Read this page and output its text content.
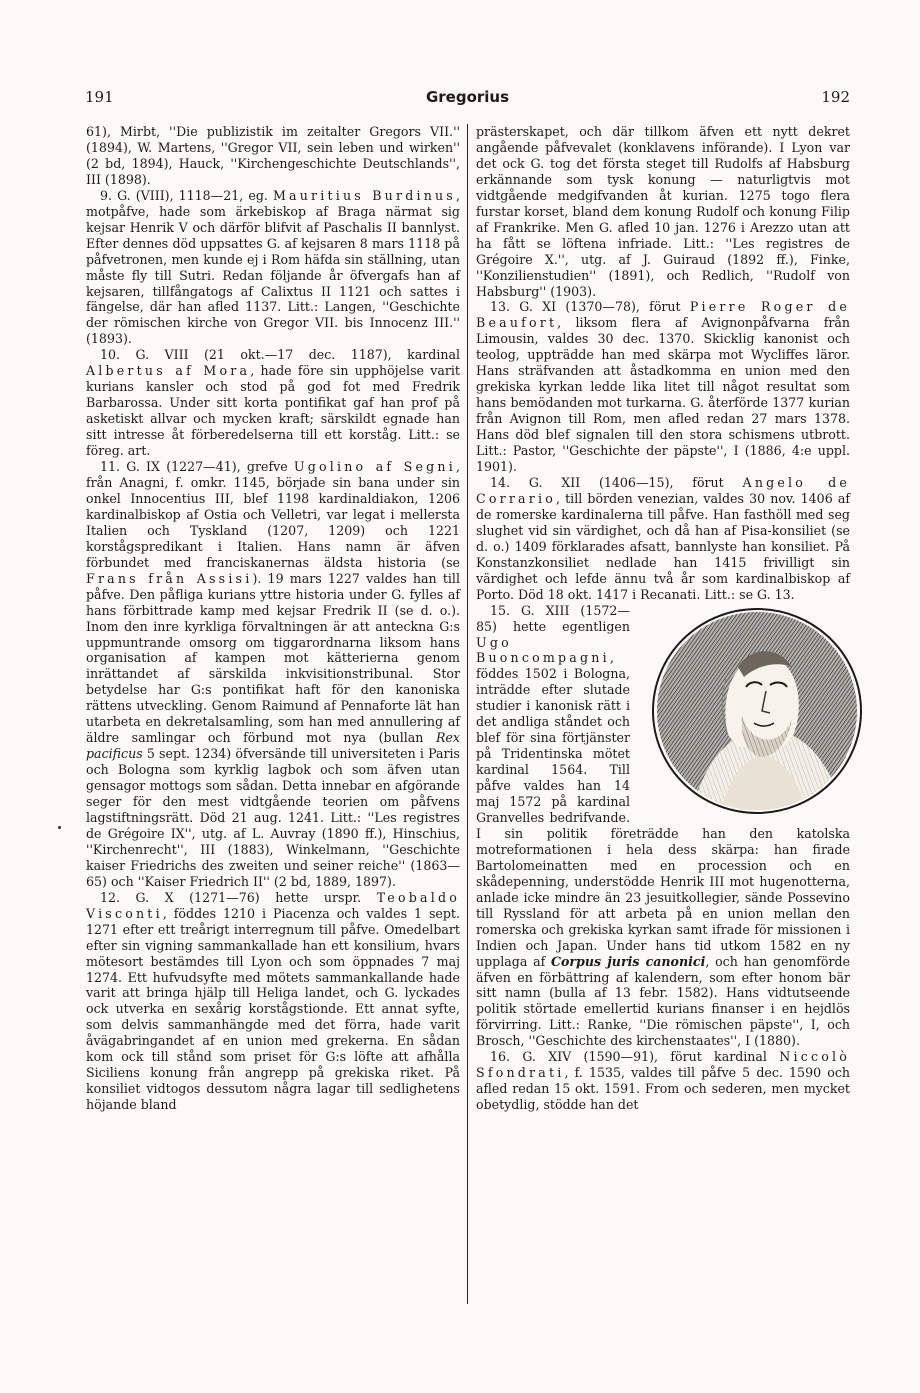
191	Gregorius	192

61), Mirbt, ''Die publizistik im zeitalter Gregors VII.'' (1894), W. Martens, ''Gregor VII, sein leben und wirken'' (2 bd, 1894), Hauck, ''Kirchengeschichte Deutschlands'', III (1898).

9. G. (VIII), 1118—21, eg. Mauritius Burdinus, motpåfve, hade som ärkebiskop af Braga närmat sig kejsar Henrik V och därför blifvit af Paschalis II bannlyst. Efter dennes död uppsattes G. af kejsaren 8 mars 1118 på påfvetronen, men kunde ej i Rom häfda sin ställning, utan måste fly till Sutri. Redan följande år öfvergafs han af kejsaren, tillfångatogs af Calixtus II 1121 och sattes i fängelse, där han afled 1137. Litt.: Langen, ''Geschichte der römischen kirche von Gregor VII. bis Innocenz III.'' (1893).

10. G. VIII (21 okt.—17 dec. 1187), kardinal Albertus af Mora, hade före sin upphöjelse varit kurians kansler och stod på god fot med Fredrik Barbarossa. Under sitt korta pontifikat gaf han prof på asketiskt allvar och mycken kraft; särskildt egnade han sitt intresse åt förberedelserna till ett korståg. Litt.: se föreg. art.

11. G. IX (1227—41), grefve Ugolino af Segni, från Anagni, f. omkr. 1145, började sin bana under sin onkel Innocentius III, blef 1198 kardinaldiakon, 1206 kardinalbiskop af Ostia och Velletri, var legat i mellersta Italien och Tyskland (1207, 1209) och 1221 korstågspredikant i Italien. Hans namn är äfven förbundet med franciskanernas äldsta historia (se Frans från Assisi). 19 mars 1227 valdes han till påfve. Den påfliga kurians yttre historia under G. fylles af hans förbittrade kamp med kejsar Fredrik II (se d. o.). Inom den inre kyrkliga förvaltningen är att anteckna G:s uppmuntrande omsorg om tiggarordnarna liksom hans organisation af kampen mot kätterierna genom inrättandet af särskilda inkvisitionstribunal. Stor betydelse har G:s pontifikat haft för den kanoniska rättens utveckling. Genom Raimund af Pennaforte lät han utarbeta en dekretalsamling, som han med annullering af äldre samlingar och förbund mot nya (bullan Rex pacificus 5 sept. 1234) öfversände till universiteten i Paris och Bologna som kyrklig lagbok och som äfven utan gensagor mottogs som sådan. Detta innebar en afgörande seger för den mest vidtgående teorien om påfvens lagstiftningsrätt. Död 21 aug. 1241. Litt.: ''Les registres de Grégoire IX'', utg. af L. Auvray (1890 ff.), Hinschius, ''Kirchenrecht'', III (1883), Winkelmann, ''Geschichte kaiser Friedrichs des zweiten und seiner reiche'' (1863—65) och ''Kaiser Friedrich II'' (2 bd, 1889, 1897).

12. G. X (1271—76) hette urspr. Teobaldo Visconti, föddes 1210 i Piacenza och valdes 1 sept. 1271 efter ett treårigt interregnum till påfve. Omedelbart efter sin vigning sammankallade han ett konsilium, hvars mötesort bestämdes till Lyon och som öppnades 7 maj 1274. Ett hufvudsyfte med mötets sammankallande hade varit att bringa hjälp till Heliga landet, och G. lyckades ock utverka en sexårig korstågstionde. Ett annat syfte, som delvis sammanhängde med det förra, hade varit åvägabringandet af en union med grekerna. En sådan kom ock till stånd som priset för G:s löfte att afhålla Siciliens konung från angrepp på grekiska riket. På konsiliet vidtogos dessutom några lagar till sedlighetens höjande bland

prästerskapet, och där tillkom äfven ett nytt dekret angående påfvevalet (konklavens införande). I Lyon var det ock G. tog det första steget till Rudolfs af Habsburg erkännande som tysk konung — naturligtvis mot vidtgående medgifvanden åt kurian. 1275 togo flera furstar korset, bland dem konung Rudolf och konung Filip af Frankrike. Men G. afled 10 jan. 1276 i Arezzo utan att ha fått se löftena infriade. Litt.: ''Les registres de Grégoire X.'', utg. af J. Guiraud (1892 ff.), Finke, ''Konzilienstudien'' (1891), och Redlich, ''Rudolf von Habsburg'' (1903).

13. G. XI (1370—78), förut Pierre Roger de Beaufort, liksom flera af Avignonpåfvarna från Limousin, valdes 30 dec. 1370. Skicklig kanonist och teolog, uppträdde han med skärpa mot Wycliffes läror. Hans sträfvanden att åstadkomma en union med den grekiska kyrkan ledde lika litet till något resultat som hans bemödanden mot turkarna. G. återförde 1377 kurian från Avignon till Rom, men afled redan 27 mars 1378. Hans död blef signalen till den stora schismens utbrott. Litt.: Pastor, ''Geschichte der päpste'', I (1886, 4:e uppl. 1901).

14. G. XII (1406—15), förut Angelo de Corrario, till börden venezian, valdes 30 nov. 1406 af de romerske kardinalerna till påfve. Han fasthöll med seg slughet vid sin värdighet, och då han af Pisa-konsiliet (se d. o.) 1409 förklarades afsatt, bannlyste han konsiliet. På Konstanzkonsiliet nedlade han 1415 frivilligt sin värdighet och lefde ännu två år som kardinalbiskop af Porto. Död 18 okt. 1417 i Recanati. Litt.: se G. 13.

15. G. XIII (1572—85) hette egentligen Ugo Buoncompagni, föddes 1502 i Bologna, inträdde efter slutade studier i kanonisk rätt i det andliga ståndet och blef för sina förtjänster på Tridentinska mötet kardinal 1564. Till påfve valdes han 14 maj 1572 på kardinal Granvelles bedrifvande. I sin politik företrädde han den katolska motreformationen i hela dess skärpa: han firade Bartolomeinatten med en procession och en skådepenning, understödde Henrik III mot hugenotterna, anlade icke mindre än 23 jesuitkollegier, sände Possevino till Ryssland för att arbeta på en union mellan den romerska och grekiska kyrkan samt ifrade för missionen i Indien och Japan. Under hans tid utkom 1582 en ny upplaga af Corpus juris canonici, och han genomförde äfven en förbättring af kalendern, som efter honom bär sitt namn (bulla af 13 febr. 1582). Hans vidtutseende politik störtade emellertid kurians finanser i en hejdlös förvirring. Litt.: Ranke, ''Die römischen päpste'', I, och Brosch, ''Geschichte des kirchenstaates'', I (1880).

16. G. XIV (1590—91), förut kardinal Niccolò Sfondrati, f. 1535, valdes till påfve 5 dec. 1590 och afled redan 15 okt. 1591. From och sederen, men mycket obetydlig, stödde han det
